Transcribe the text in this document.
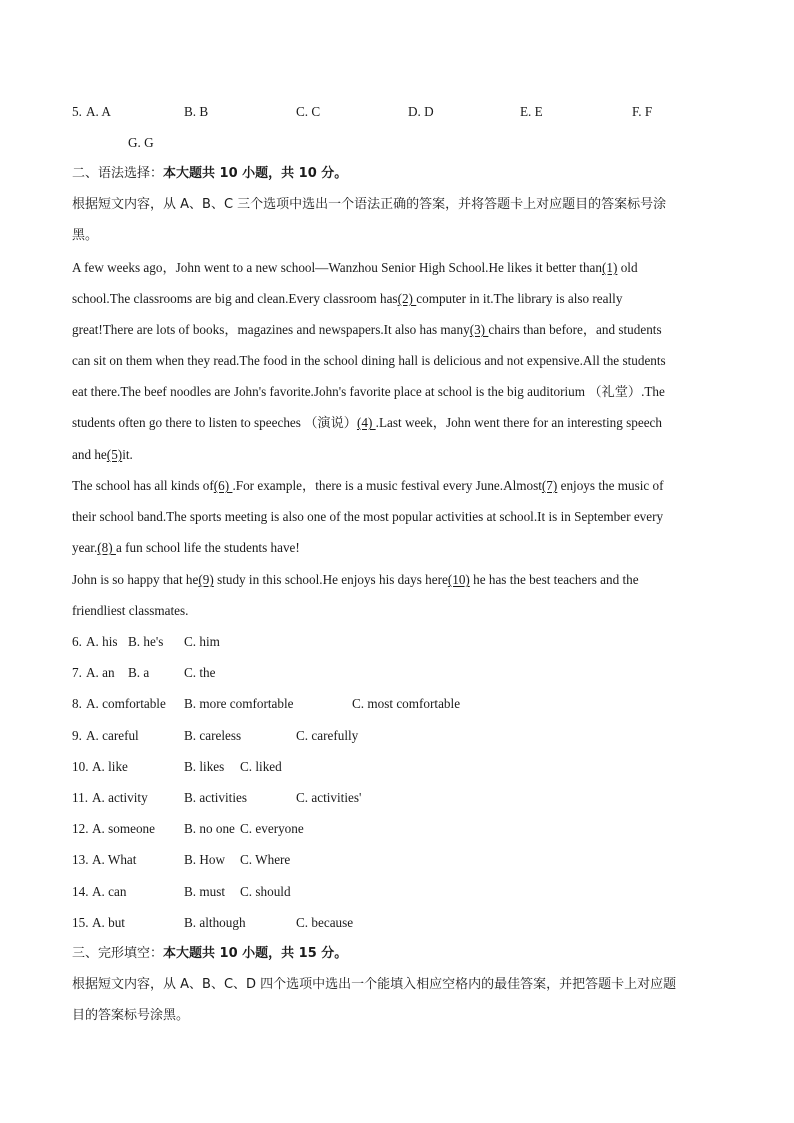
5. A. A	B. B	C. C	D. D	E. E	F. F
G. G
二、语法选择：本大题共 10 小题，共 10 分。
根据短文内容，从 A、B、C 三个选项中选出一个语法正确的答案，并将答题卡上对应题目的答案标号涂
黑。
A few weeks ago，John went to a new school—Wanzhou Senior High School.He likes it better than(1) old
school.The classrooms are big and clean.Every classroom has(2) computer in it.The library is also really
great!There are lots of books，magazines and newspapers.It also has many(3) chairs than before，and students
can sit on them when they read.The food in the school dining hall is delicious and not expensive.All the students
eat there.The beef noodles are John's favorite.John's favorite place at school is the big auditorium （礼堂）.The
students often go there to listen to speeches （演说）(4) .Last week，John went there for an interesting speech
and he(5)it.
The school has all kinds of(6) .For example，there is a music festival every June.Almost(7) enjoys the music of
their school band.The sports meeting is also one of the most popular activities at school.It is in September every
year.(8) a fun school life the students have!
John is so happy that he(9) study in this school.He enjoys his days here(10) he has the best teachers and the
friendliest classmates.
6. A. his B. he's C. him
7. A. an B. a	C. the
8. A. comfortable B. more comfortable	C. most comfortable
9. A. careful	B. careless	C. carefully
10. A. like	B. likes C. liked
11. A. activity	B. activities	C. activities'
12. A. someone B. no one C. everyone
13. A. What	B. How C. Where
14. A. can	B. must C. should
15. A. but	B. although	C. because
三、完形填空：本大题共 10 小题，共 15 分。
根据短文内容，从 A、B、C、D 四个选项中选出一个能填入相应空格内的最佳答案，并把答题卡上对应题
目的答案标号涂黑。
